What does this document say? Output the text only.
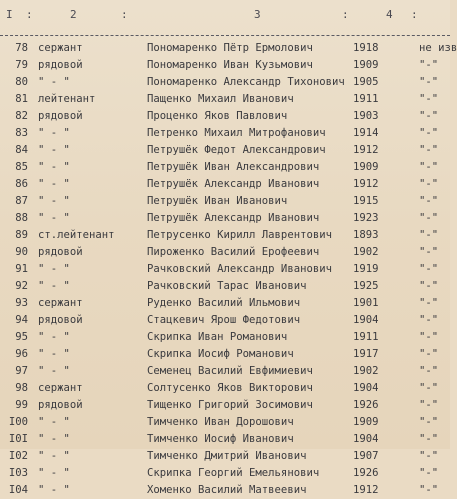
I :	2	:	3	:	4 :
78 сержант	Пономаренко Пётр Ермолович	1918	не изв
79 рядовой	Пономаренко Иван Кузьмович	1909	"-"
80 " - "	Пономаренко Александр Тихонович 1905	"-"
81 лейтенант	Пащенко Михаил Иванович	1911	"-"
82 рядовой	Проценко Яков Павлович	1903	"-"
83 " - "	Петренко Михаил Митрофанович	1914	"-"
84 " - "	Петрушёк Федот Александрович	1912	"-"
85 " - "	Петрушёк Иван Александрович	1909	"-"
86 " - "	Петрушёк Александр Иванович	1912	"-"
87 " - "	Петрушёк Иван Иванович	1915	"-"
88 " - "	Петрушёк Александр Иванович	1923	"-"
89 ст.лейтенант	Петрусенко Кирилл Лаврентович 1893	"-"
90 рядовой	Пироженко Василий Ерофеевич	1902	"-"
91 " - "	Рачковский Александр Иванович 1919	"-"
92 " - "	Рачковский Тарас Иванович	1925	"-"
93 сержант	Руденко Василий Ильмович	1901	"-"
94 рядовой	Стацкевич Ярош Федотович	1904	"-"
95 " - "	Скрипка Иван Романович	1911	"-"
96 " - "	Скрипка Иосиф Романович	1917	"-"
97 " - "	Семенец Василий Евфимиевич	1902	"-"
98 сержант	Солтусенко Яков Викторович	1904	"-"
99 рядовой	Тищенко Григорий Зосимович	1926	"-"
I00 " - "	Тимченко Иван Дорошович	1909	"-"
I0I " - "	Тимченко Иосиф Иванович	1904	"-"
I02 " - "	Тимченко Дмитрий Иванович	1907	"-"
I03 " - "	Скрипка Георгий Емельянович	1926	"-"
I04 " - "	Хоменко Василий Матвеевич	1912	"-"
